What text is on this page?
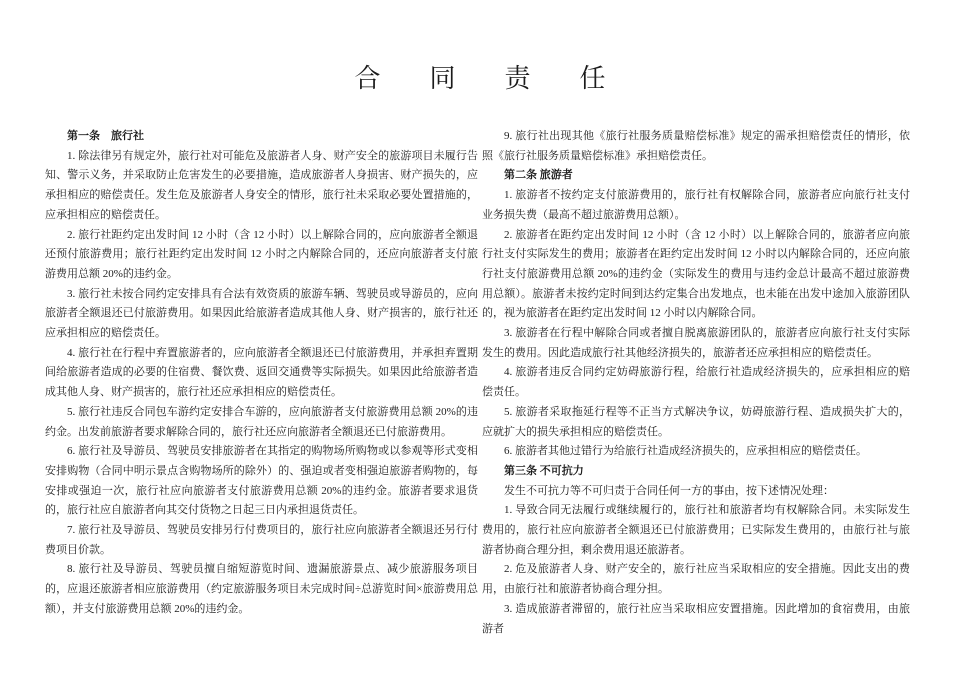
合同责任

第一条　旅行社

1. 除法律另有规定外，旅行社对可能危及旅游者人身、财产安全的旅游项目未履行告知、警示义务，并采取防止危害发生的必要措施，造成旅游者人身损害、财产损失的，应承担相应的赔偿责任。发生危及旅游者人身安全的情形，旅行社未采取必要处置措施的，应承担相应的赔偿责任。

2. 旅行社距约定出发时间 12 小时（含 12 小时）以上解除合同的，应向旅游者全额退还预付旅游费用；旅行社距约定出发时间 12 小时之内解除合同的，还应向旅游者支付旅游费用总额 20%的违约金。

3. 旅行社未按合同约定安排具有合法有效资质的旅游车辆、驾驶员或导游员的，应向旅游者全额退还已付旅游费用。如果因此给旅游者造成其他人身、财产损害的，旅行社还应承担相应的赔偿责任。

4. 旅行社在行程中弃置旅游者的，应向旅游者全额退还已付旅游费用，并承担弃置期间给旅游者造成的必要的住宿费、餐饮费、返回交通费等实际损失。如果因此给旅游者造成其他人身、财产损害的，旅行社还应承担相应的赔偿责任。

5. 旅行社违反合同包车游约定安排合车游的，应向旅游者支付旅游费用总额 20%的违约金。出发前旅游者要求解除合同的，旅行社还应向旅游者全额退还已付旅游费用。

6. 旅行社及导游员、驾驶员安排旅游者在其指定的购物场所购物或以参观等形式变相安排购物（合同中明示景点含购物场所的除外）的、强迫或者变相强迫旅游者购物的，每安排或强迫一次，旅行社应向旅游者支付旅游费用总额 20%的违约金。旅游者要求退货的，旅行社应自旅游者向其交付货物之日起三日内承担退货责任。

7. 旅行社及导游员、驾驶员安排另行付费项目的，旅行社应向旅游者全额退还另行付费项目价款。

8. 旅行社及导游员、驾驶员擅自缩短游览时间、遗漏旅游景点、减少旅游服务项目的，应退还旅游者相应旅游费用（约定旅游服务项目未完成时间÷总游览时间×旅游费用总额），并支付旅游费用总额 20%的违约金。

9. 旅行社出现其他《旅行社服务质量赔偿标准》规定的需承担赔偿责任的情形，依照《旅行社服务质量赔偿标准》承担赔偿责任。

第二条 旅游者

1. 旅游者不按约定支付旅游费用的，旅行社有权解除合同，旅游者应向旅行社支付业务损失费（最高不超过旅游费用总额）。

2. 旅游者在距约定出发时间 12 小时（含 12 小时）以上解除合同的，旅游者应向旅行社支付实际发生的费用；旅游者在距约定出发时间 12 小时以内解除合同的，还应向旅行社支付旅游费用总额 20%的违约金（实际发生的费用与违约金总计最高不超过旅游费用总额）。旅游者未按约定时间到达约定集合出发地点，也未能在出发中途加入旅游团队的，视为旅游者在距约定出发时间 12 小时以内解除合同。

3. 旅游者在行程中解除合同或者擅自脱离旅游团队的，旅游者应向旅行社支付实际发生的费用。因此造成旅行社其他经济损失的，旅游者还应承担相应的赔偿责任。

4. 旅游者违反合同约定妨碍旅游行程，给旅行社造成经济损失的，应承担相应的赔偿责任。

5. 旅游者采取拖延行程等不正当方式解决争议，妨碍旅游行程、造成损失扩大的，应就扩大的损失承担相应的赔偿责任。

6. 旅游者其他过错行为给旅行社造成经济损失的，应承担相应的赔偿责任。

第三条 不可抗力

发生不可抗力等不可归责于合同任何一方的事由，按下述情况处理：

1. 导致合同无法履行或继续履行的，旅行社和旅游者均有权解除合同。未实际发生费用的，旅行社应向旅游者全额退还已付旅游费用；已实际发生费用的，由旅行社与旅游者协商合理分担，剩余费用退还旅游者。

2. 危及旅游者人身、财产安全的，旅行社应当采取相应的安全措施。因此支出的费用，由旅行社和旅游者协商合理分担。

3. 造成旅游者滞留的，旅行社应当采取相应安置措施。因此增加的食宿费用，由旅游者
